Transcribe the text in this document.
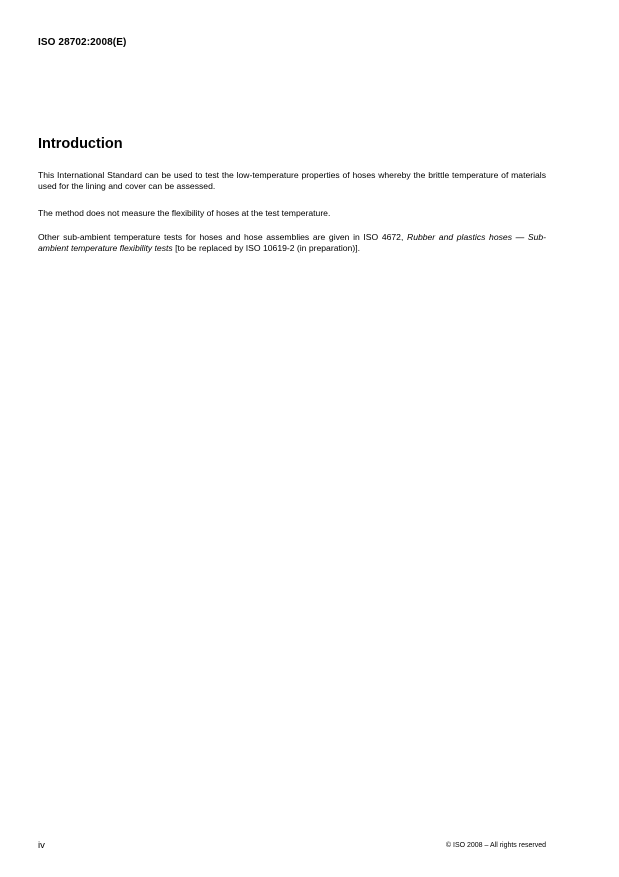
ISO 28702:2008(E)
Introduction

This International Standard can be used to test the low-temperature properties of hoses whereby the brittle temperature of materials used for the lining and cover can be assessed.

The method does not measure the flexibility of hoses at the test temperature.

Other sub-ambient temperature tests for hoses and hose assemblies are given in ISO 4672, Rubber and plastics hoses — Sub-ambient temperature flexibility tests [to be replaced by ISO 10619-2 (in preparation)].

iv	© ISO 2008 – All rights reserved
